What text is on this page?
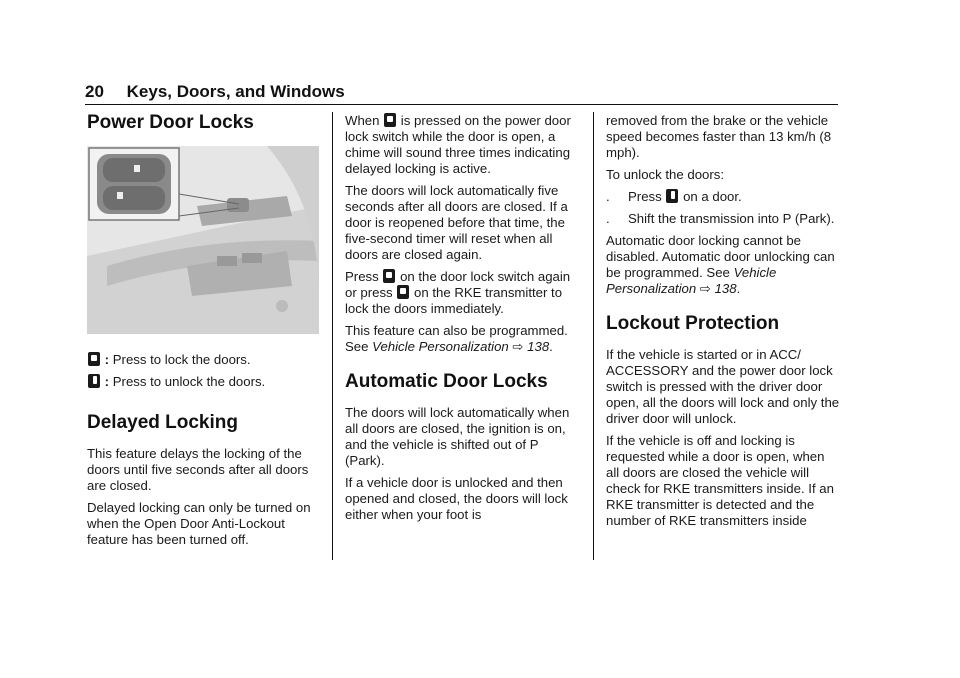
20 Keys, Doors, and Windows
Power Door Locks

: Press to lock the doors.

: Press to unlock the doors.

Delayed Locking

This feature delays the locking of the doors until five seconds after all doors are closed.

Delayed locking can only be turned on when the Open Door Anti-Lockout feature has been turned off.

When is pressed on the power door lock switch while the door is open, a chime will sound three times indicating delayed locking is active.

The doors will lock automatically five seconds after all doors are closed. If a door is reopened before that time, the five-second timer will reset when all doors are closed again.

Press on the door lock switch again or press on the RKE transmitter to lock the doors immediately.

This feature can also be programmed. See Vehicle Personalization ⇨ 138.

Automatic Door Locks

The doors will lock automatically when all doors are closed, the ignition is on, and the vehicle is shifted out of P (Park).

If a vehicle door is unlocked and then opened and closed, the doors will lock either when your foot is

removed from the brake or the vehicle speed becomes faster than 13 km/h (8 mph).

To unlock the doors:

. Press on a door.

. Shift the transmission into P (Park).

Automatic door locking cannot be disabled. Automatic door unlocking can be programmed. See Vehicle Personalization ⇨ 138.

Lockout Protection

If the vehicle is started or in ACC/ ACCESSORY and the power door lock switch is pressed with the driver door open, all the doors will lock and only the driver door will unlock.

If the vehicle is off and locking is requested while a door is open, when all doors are closed the vehicle will check for RKE transmitters inside. If an RKE transmitter is detected and the number of RKE transmitters inside
